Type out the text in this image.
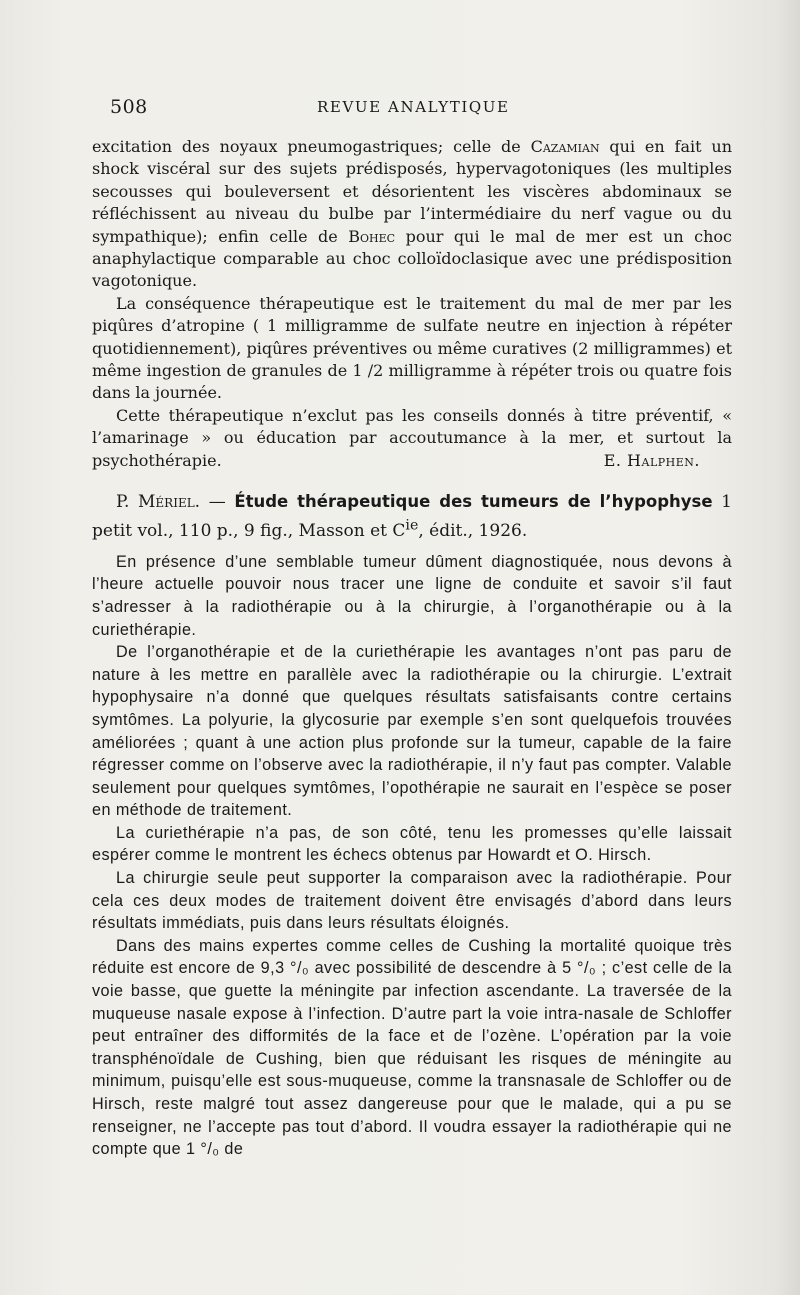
508	REVUE ANALYTIQUE

excitation des noyaux pneumogastriques; celle de Cazamian qui en fait un shock viscéral sur des sujets prédisposés, hypervagotoniques (les multiples secousses qui bouleversent et désorientent les viscères abdominaux se réfléchissent au niveau du bulbe par l’intermédiaire du nerf vague ou du sympathique); enfin celle de Bohec pour qui le mal de mer est un choc anaphylactique comparable au choc colloïdoclasique avec une prédisposition vagotonique.

La conséquence thérapeutique est le traitement du mal de mer par les piqûres d’atropine ( 1 milligramme de sulfate neutre en injection à répéter quotidiennement), piqûres préventives ou même curatives (2 milligrammes) et même ingestion de granules de 1 /2 milligramme à répéter trois ou quatre fois dans la journée.

Cette thérapeutique n’exclut pas les conseils donnés à titre préventif, « l’amarinage » ou éducation par accoutumance à la mer, et surtout la psychothérapie.	E. Halphen.

P. Mériel. — Étude thérapeutique des tumeurs de l’hypophyse 1 petit vol., 110 p., 9 fig., Masson et $C^{ie}$, édit., 1926.

En présence d’une semblable tumeur dûment diagnostiquée, nous devons à l’heure actuelle pouvoir nous tracer une ligne de conduite et savoir s’il faut s’adresser à la radiothérapie ou à la chirurgie, à l’organothérapie ou à la curiethérapie.

De l’organothérapie et de la curiethérapie les avantages n’ont pas paru de nature à les mettre en parallèle avec la radiothérapie ou la chirurgie. L’extrait hypophysaire n’a donné que quelques résultats satisfaisants contre certains symtômes. La polyurie, la glycosurie par exemple s’en sont quelquefois trouvées améliorées ; quant à une action plus profonde sur la tumeur, capable de la faire régresser comme on l’observe avec la radiothérapie, il n’y faut pas compter. Valable seulement pour quelques symtômes, l’opothérapie ne saurait en l’espèce se poser en méthode de traitement.

La curiethérapie n’a pas, de son côté, tenu les promesses qu’elle laissait espérer comme le montrent les échecs obtenus par Howardt et O. Hirsch.

La chirurgie seule peut supporter la comparaison avec la radiothérapie. Pour cela ces deux modes de traitement doivent être envisagés d’abord dans leurs résultats immédiats, puis dans leurs résultats éloignés.

Dans des mains expertes comme celles de Cushing la mortalité quoique très réduite est encore de 9,3 °/₀ avec possibilité de descendre à 5 °/₀ ; c’est celle de la voie basse, que guette la méningite par infection ascendante. La traversée de la muqueuse nasale expose à l’infection. D’autre part la voie intra-nasale de Schloffer peut entraîner des difformités de la face et de l’ozène. L’opération par la voie transphénoïdale de Cushing, bien que réduisant les risques de méningite au minimum, puisqu’elle est sous-muqueuse, comme la transnasale de Schloffer ou de Hirsch, reste malgré tout assez dangereuse pour que le malade, qui a pu se renseigner, ne l’accepte pas tout d’abord. Il voudra essayer la radiothérapie qui ne compte que 1 °/₀ de
